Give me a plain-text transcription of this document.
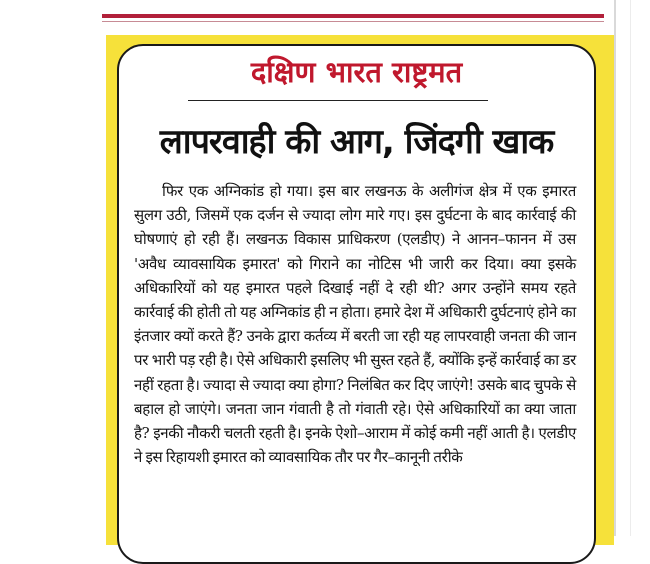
दक्षिण भारत राष्ट्रमत
लापरवाही की आग, जिंदगी खाक

फिर एक अग्निकांड हो गया। इस बार लखनऊ के अलीगंज क्षेत्र में एक इमारत सुलग उठी, जिसमें एक दर्जन से ज्यादा लोग मारे गए। इस दुर्घटना के बाद कार्रवाई की घोषणाएं हो रही हैं। लखनऊ विकास प्राधिकरण (एलडीए) ने आनन–फानन में उस 'अवैध व्यावसायिक इमारत' को गिराने का नोटिस भी जारी कर दिया। क्या इसके अधिकारियों को यह इमारत पहले दिखाई नहीं दे रही थी? अगर उन्होंने समय रहते कार्रवाई की होती तो यह अग्निकांड ही न होता। हमारे देश में अधिकारी दुर्घटनाएं होने का इंतजार क्यों करते हैं? उनके द्वारा कर्तव्य में बरती जा रही यह लापरवाही जनता की जान पर भारी पड़ रही है। ऐसे अधिकारी इसलिए भी सुस्त रहते हैं, क्योंकि इन्हें कार्रवाई का डर नहीं रहता है। ज्यादा से ज्यादा क्या होगा? निलंबित कर दिए जाएंगे! उसके बाद चुपके से बहाल हो जाएंगे। जनता जान गंवाती है तो गंवाती रहे। ऐसे अधिकारियों का क्या जाता है? इनकी नौकरी चलती रहती है। इनके ऐशो–आराम में कोई कमी नहीं आती है। एलडीए ने इस रिहायशी इमारत को व्यावसायिक तौर पर गैर–कानूनी तरीके
